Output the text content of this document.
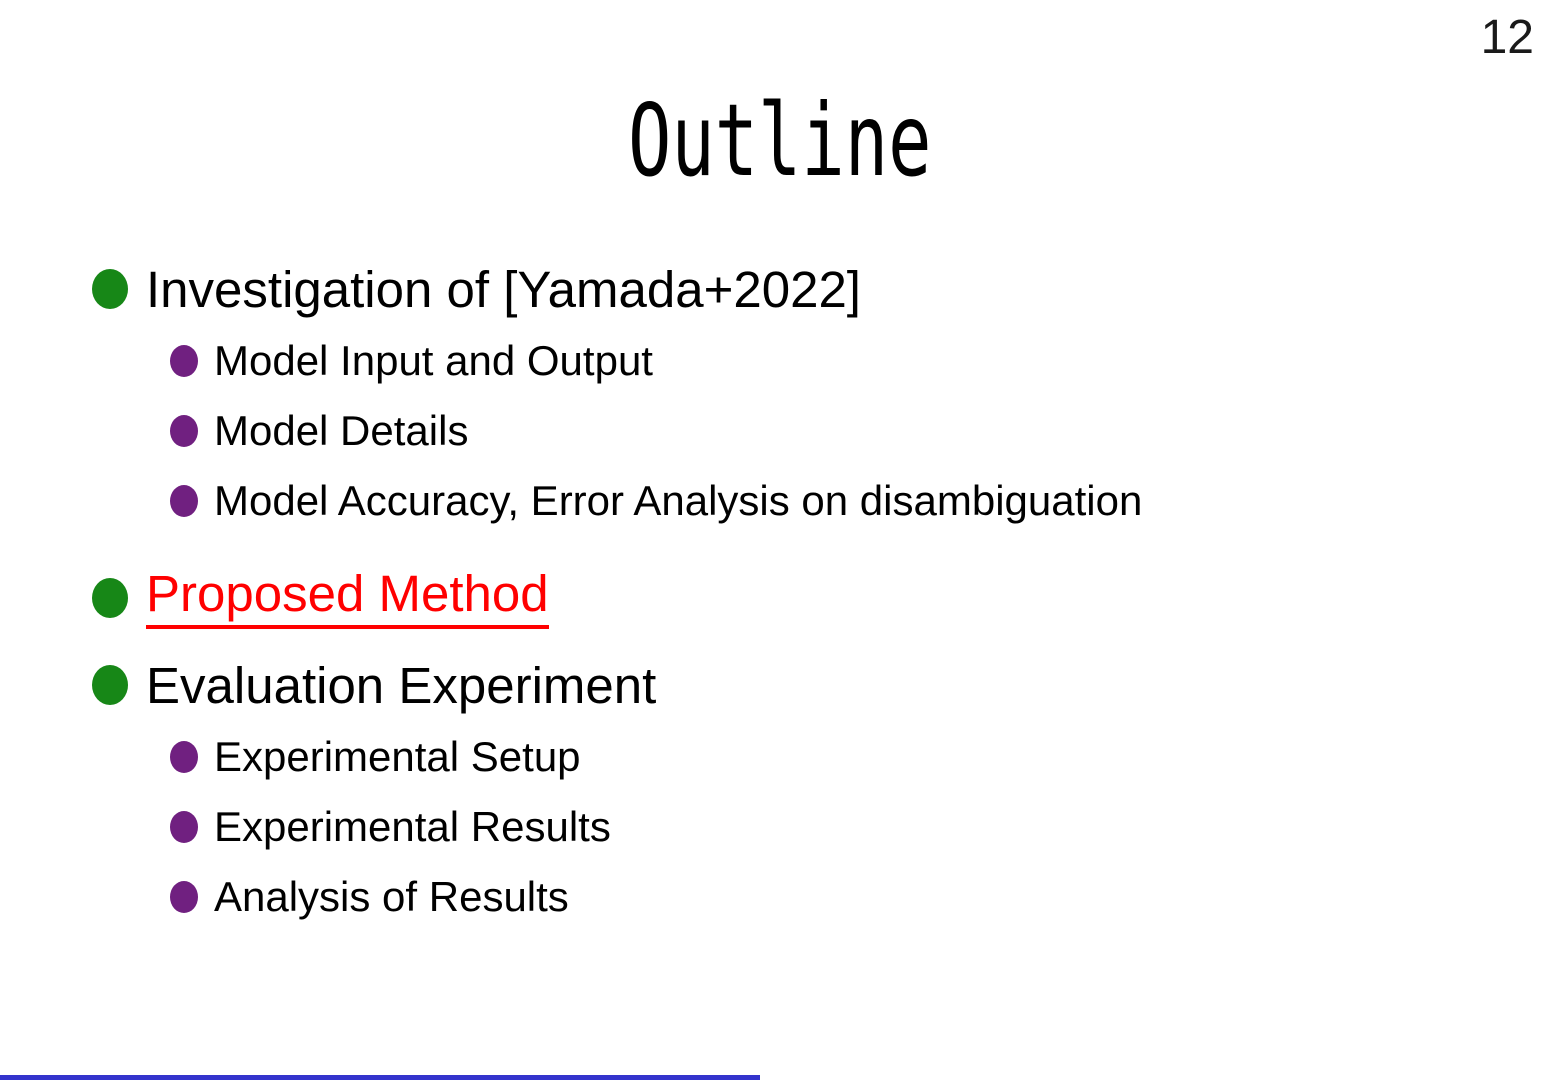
12
Outline
Investigation of [Yamada+2022]
Model Input and Output
Model Details
Model Accuracy, Error Analysis on disambiguation
Proposed Method
Evaluation Experiment
Experimental Setup
Experimental Results
Analysis of Results
